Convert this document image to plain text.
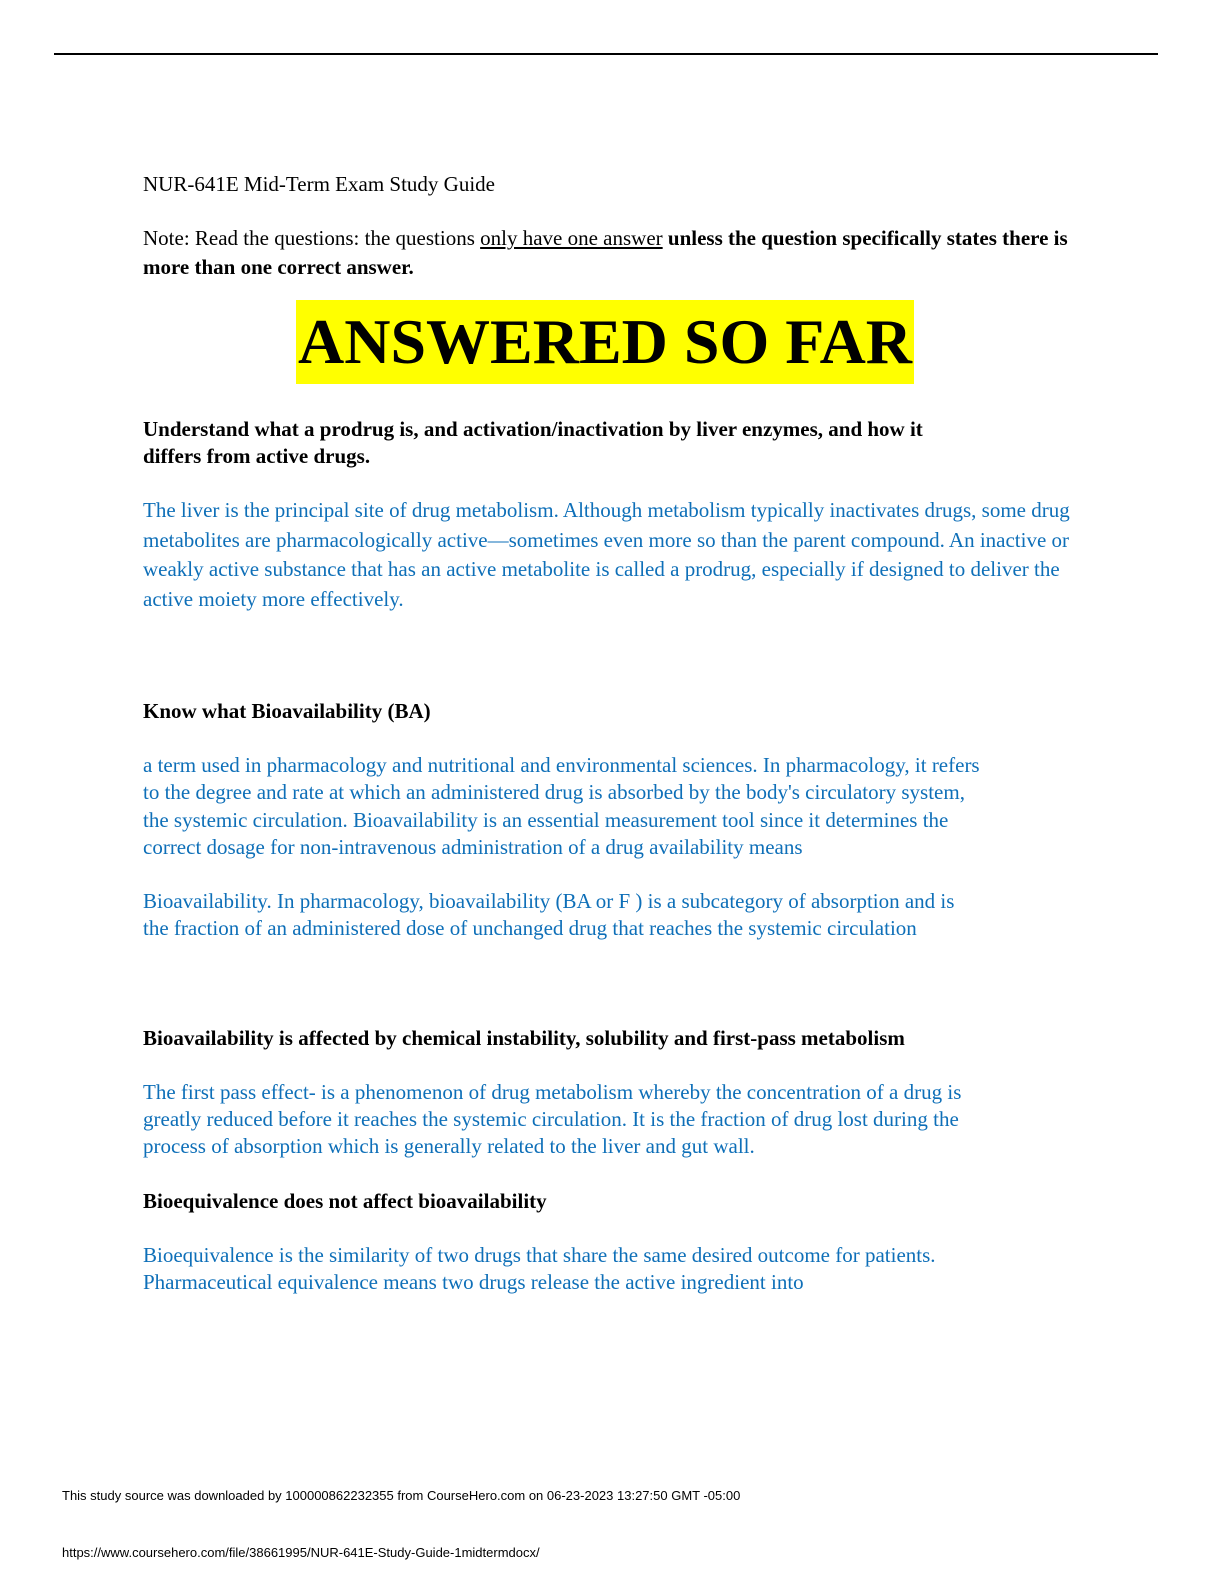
NUR-641E Mid-Term Exam Study Guide

Note: Read the questions: the questions only have one answer unless the question specifically states there is more than one correct answer.

ANSWERED SO FAR

Understand what a prodrug is, and activation/inactivation by liver enzymes, and how it differs from active drugs.

The liver is the principal site of drug metabolism. Although metabolism typically inactivates drugs, some drug metabolites are pharmacologically active—sometimes even more so than the parent compound. An inactive or weakly active substance that has an active metabolite is called a prodrug, especially if designed to deliver the active moiety more effectively.

Know what Bioavailability (BA)

a term used in pharmacology and nutritional and environmental sciences. In pharmacology, it refers to the degree and rate at which an administered drug is absorbed by the body's circulatory system, the systemic circulation. Bioavailability is an essential measurement tool since it determines the correct dosage for non-intravenous administration of a drug availability means

Bioavailability. In pharmacology, bioavailability (BA or F ) is a subcategory of absorption and is the fraction of an administered dose of unchanged drug that reaches the systemic circulation

Bioavailability is affected by chemical instability, solubility and first-pass metabolism

The first pass effect- is a phenomenon of drug metabolism whereby the concentration of a drug is greatly reduced before it reaches the systemic circulation. It is the fraction of drug lost during the process of absorption which is generally related to the liver and gut wall.

Bioequivalence does not affect bioavailability

Bioequivalence is the similarity of two drugs that share the same desired outcome for patients. Pharmaceutical equivalence means two drugs release the active ingredient into

This study source was downloaded by 100000862232355 from CourseHero.com on 06-23-2023 13:27:50 GMT -05:00
https://www.coursehero.com/file/38661995/NUR-641E-Study-Guide-1midtermdocx/
